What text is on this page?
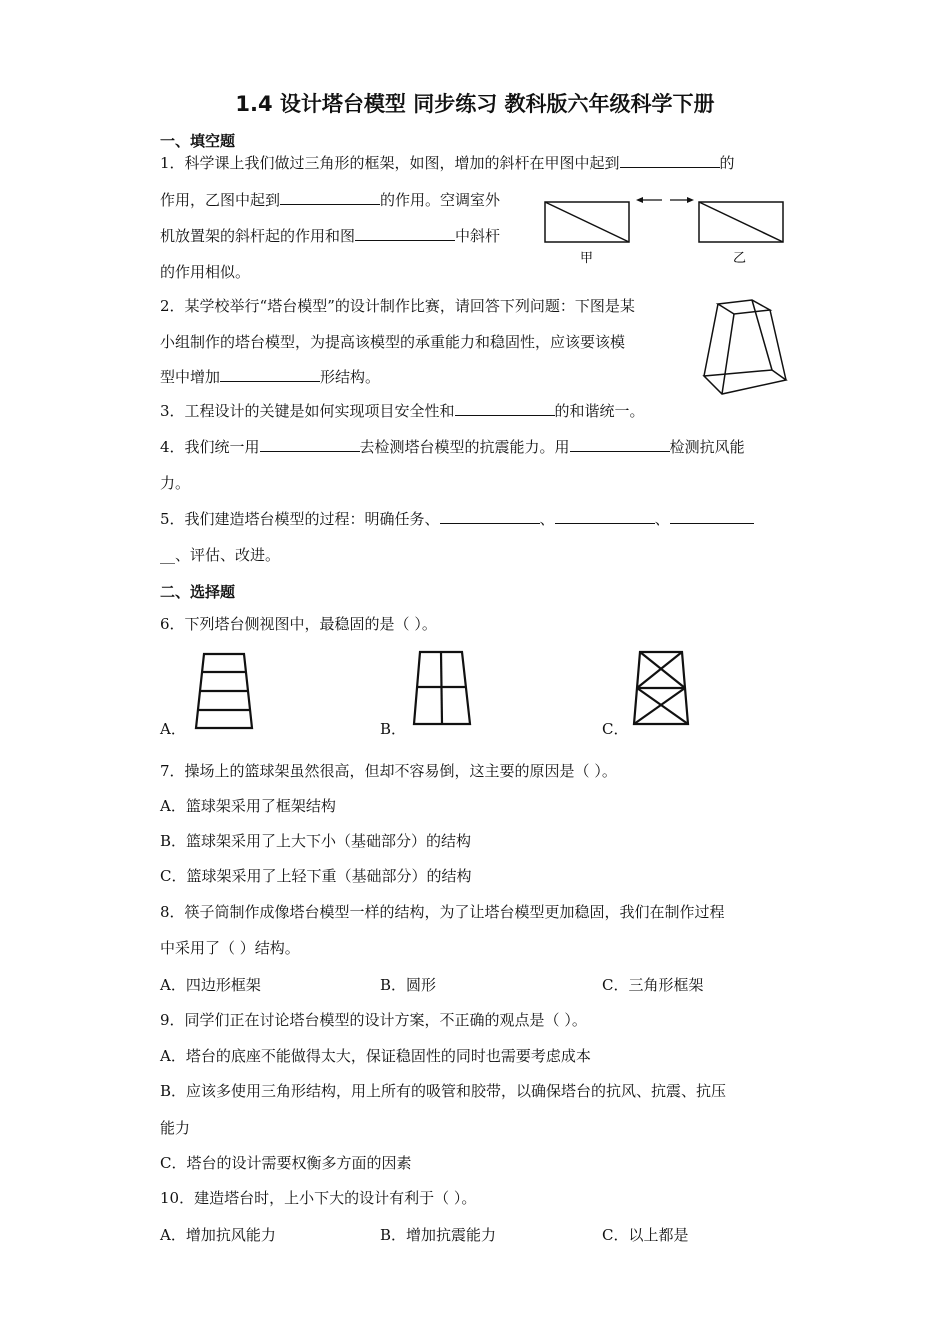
1.4 设计塔台模型 同步练习 教科版六年级科学下册
一、填空题
1．科学课上我们做过三角形的框架，如图，增加的斜杆在甲图中起到	的
作用，乙图中起到	的作用。空调室外
机放置架的斜杆起的作用和图	中斜杆
的作用相似。
甲	乙
2．某学校举行“塔台模型”的设计制作比赛，请回答下列问题：下图是某
小组制作的塔台模型，为提高该模型的承重能力和稳固性，应该要该模
型中增加	形结构。
3．工程设计的关键是如何实现项目安全性和	的和谐统一。
4．我们统一用	去检测塔台模型的抗震能力。用	检测抗风能
力。
5．我们建造塔台模型的过程：明确任务、	、	、
__、评估、改进。
二、选择题
6．下列塔台侧视图中，最稳固的是（ ）。
A．	B．	C．
7．操场上的篮球架虽然很高，但却不容易倒，这主要的原因是（ ）。
A．篮球架采用了框架结构
B．篮球架采用了上大下小（基础部分）的结构
C．篮球架采用了上轻下重（基础部分）的结构
8．筷子筒制作成像塔台模型一样的结构，为了让塔台模型更加稳固，我们在制作过程
中采用了（ ）结构。
A．四边形框架	B．圆形	C．三角形框架
9．同学们正在讨论塔台模型的设计方案，不正确的观点是（ ）。
A．塔台的底座不能做得太大，保证稳固性的同时也需要考虑成本
B．应该多使用三角形结构，用上所有的吸管和胶带，以确保塔台的抗风、抗震、抗压
能力
C．塔台的设计需要权衡多方面的因素
10．建造塔台时，上小下大的设计有利于（ ）。
A．增加抗风能力	B．增加抗震能力	C．以上都是
